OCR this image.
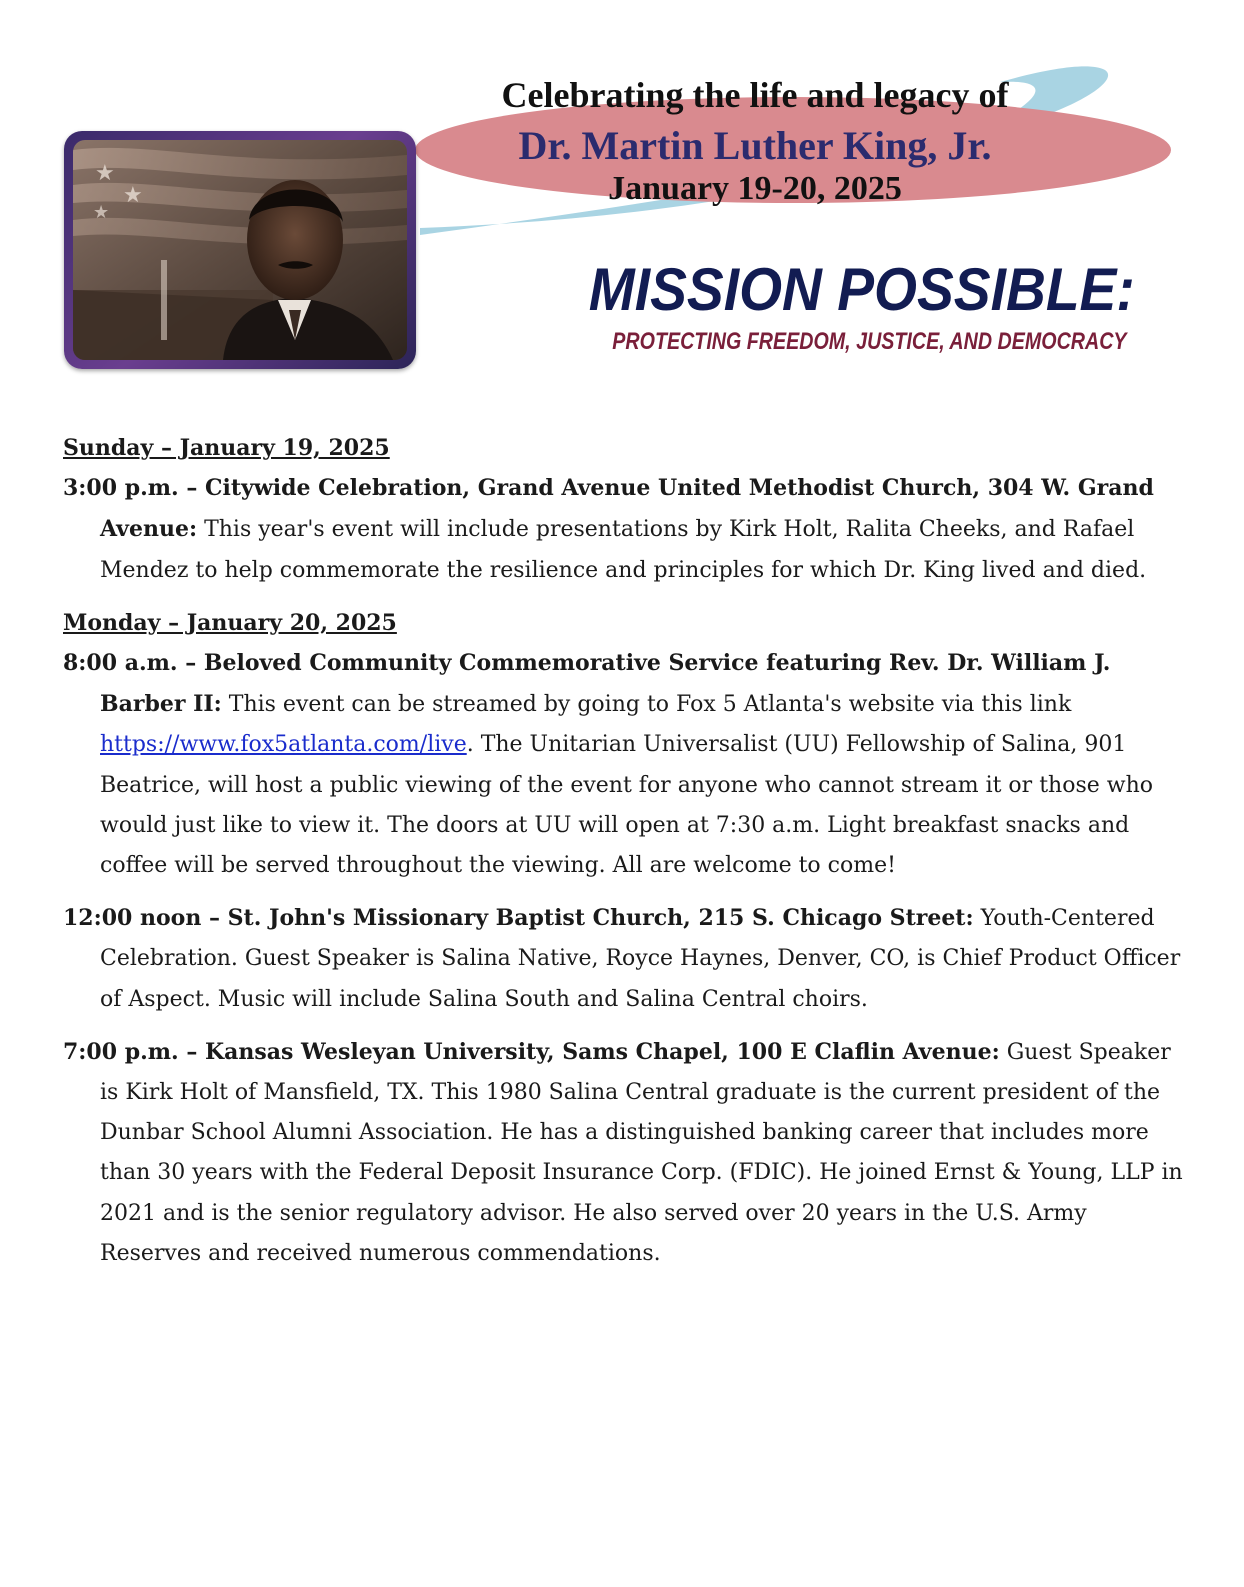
Celebrating the life and legacy of
Dr. Martin Luther King, Jr.
January 19-20, 2025
★
★
★
MISSION POSSIBLE:
PROTECTING FREEDOM, JUSTICE, AND DEMOCRACY

Sunday – January 19, 2025

3:00 p.m. – Citywide Celebration, Grand Avenue United Methodist Church, 304 W. Grand Avenue: This year's event will include presentations by Kirk Holt, Ralita Cheeks, and Rafael Mendez to help commemorate the resilience and principles for which Dr. King lived and died.

Monday – January 20, 2025

8:00 a.m. – Beloved Community Commemorative Service featuring Rev. Dr. William J. Barber II: This event can be streamed by going to Fox 5 Atlanta's website via this link https://www.fox5atlanta.com/live. The Unitarian Universalist (UU) Fellowship of Salina, 901 Beatrice, will host a public viewing of the event for anyone who cannot stream it or those who would just like to view it. The doors at UU will open at 7:30 a.m. Light breakfast snacks and coffee will be served throughout the viewing. All are welcome to come!

12:00 noon – St. John's Missionary Baptist Church, 215 S. Chicago Street: Youth-Centered Celebration. Guest Speaker is Salina Native, Royce Haynes, Denver, CO, is Chief Product Officer of Aspect. Music will include Salina South and Salina Central choirs.

7:00 p.m. – Kansas Wesleyan University, Sams Chapel, 100 E Claflin Avenue: Guest Speaker is Kirk Holt of Mansfield, TX. This 1980 Salina Central graduate is the current president of the Dunbar School Alumni Association. He has a distinguished banking career that includes more than 30 years with the Federal Deposit Insurance Corp. (FDIC). He joined Ernst & Young, LLP in 2021 and is the senior regulatory advisor. He also served over 20 years in the U.S. Army Reserves and received numerous commendations.
